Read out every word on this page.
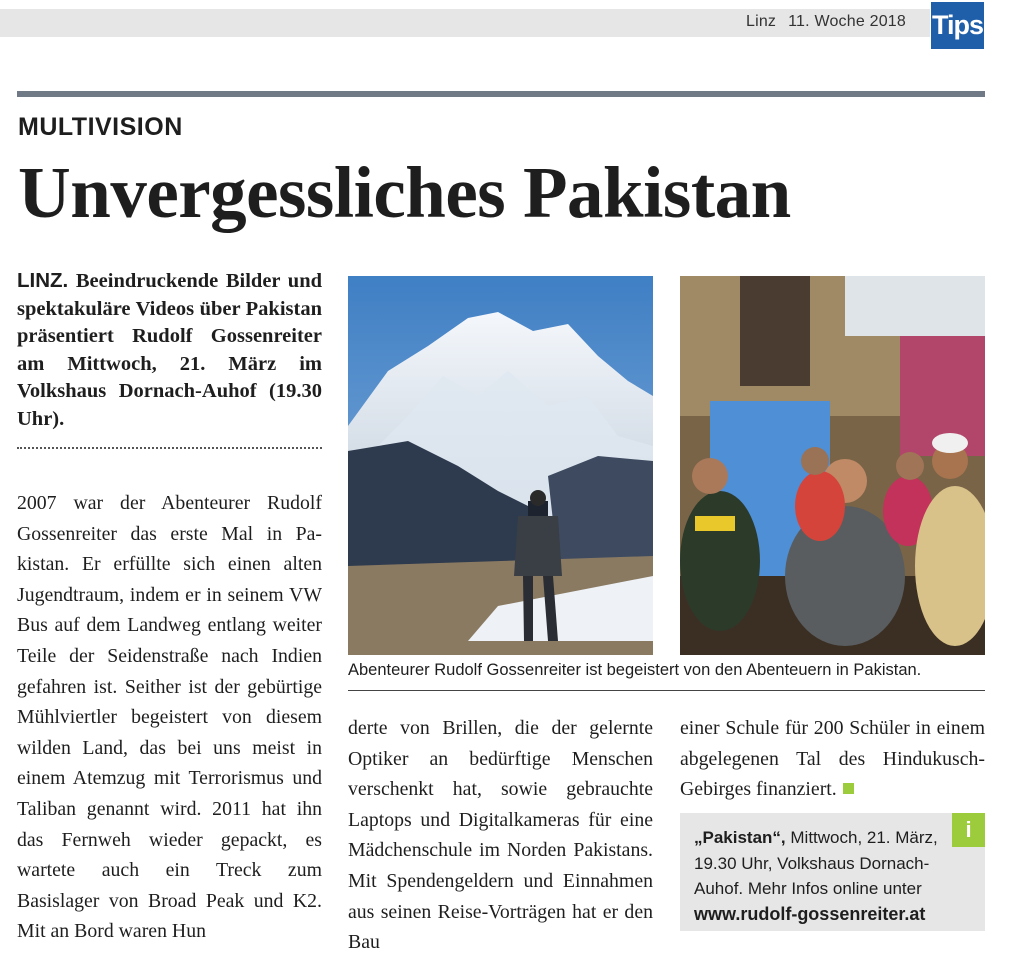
Linz 11. Woche 2018 Tips
MULTIVISION
Unvergessliches Pakistan
LINZ. Beeindruckende Bilder und spektakuläre Videos über Pakistan präsentiert Rudolf Gossenreiter am Mittwoch, 21. März im Volkshaus Dornach-Auhof (19.30 Uhr).
2007 war der Abenteurer Rudolf Gossenreiter das erste Mal in Pakistan. Er erfüllte sich einen alten Jugendtraum, indem er in seinem VW Bus auf dem Landweg entlang weiter Teile der Seidenstraße nach Indien gefahren ist. Seither ist der gebürtige Mühlviertler begeistert von diesem wilden Land, das bei uns meist in einem Atemzug mit Terrorismus und Taliban genannt wird. 2011 hat ihn das Fernweh wieder gepackt, es wartete auch ein Treck zum Basislager von Broad Peak und K2. Mit an Bord waren Hun
Abenteurer Rudolf Gossenreiter ist begeistert von den Abenteuern in Pakistan.
derte von Brillen, die der gelernte Optiker an bedürftige Menschen verschenkt hat, sowie gebrauchte Laptops und Digitalkameras für eine Mädchenschule im Norden Pakistans. Mit Spendengeldern und Einnahmen aus seinen Reise-Vorträgen hat er den Bau
einer Schule für 200 Schüler in einem abgelegenen Tal des Hindukusch-Gebirges finanziert.
„Pakistan“, Mittwoch, 21. März, 19.30 Uhr, Volkshaus Dornach-Auhof. Mehr Infos online unter www.rudolf-gossenreiter.at
i
